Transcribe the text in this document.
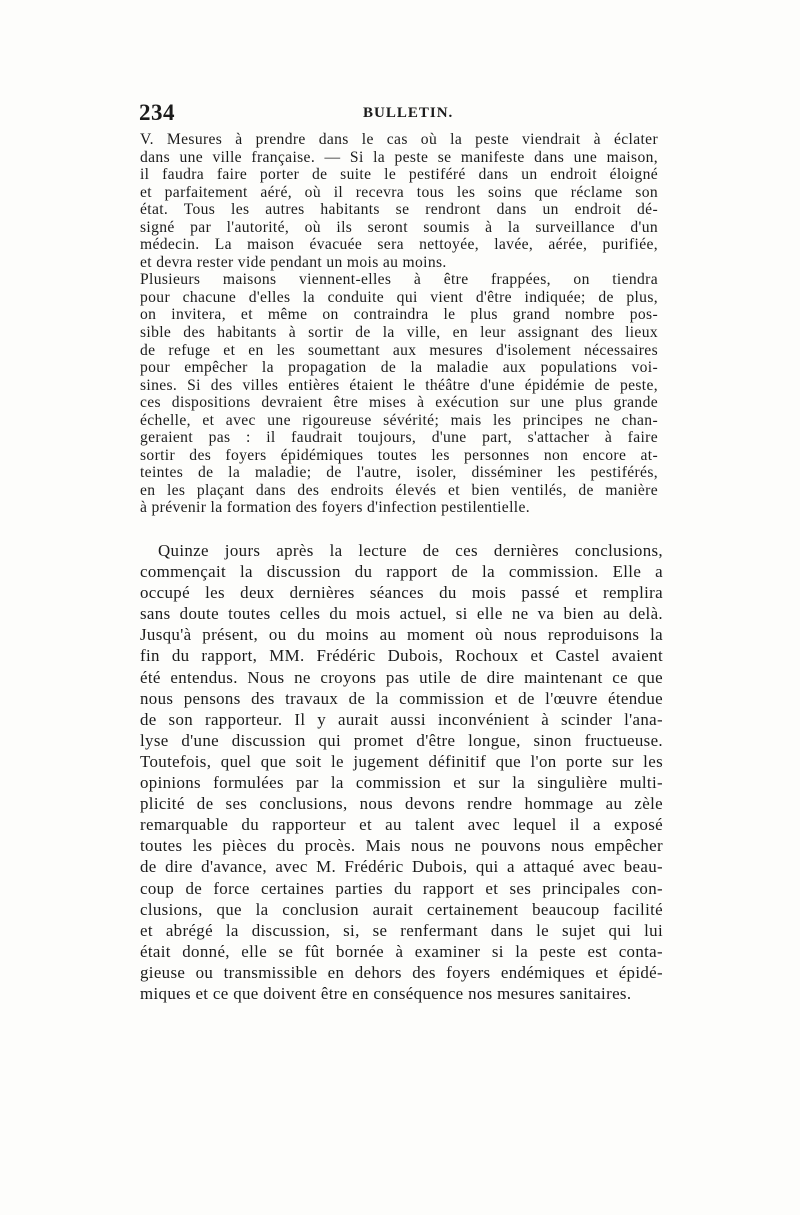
234	BULLETIN.
V. Mesures à prendre dans le cas où la peste viendrait à éclater
dans une ville française. — Si la peste se manifeste dans une maison,
il faudra faire porter de suite le pestiféré dans un endroit éloigné
et parfaitement aéré, où il recevra tous les soins que réclame son
état. Tous les autres habitants se rendront dans un endroit dé-
signé par l'autorité, où ils seront soumis à la surveillance d'un
médecin. La maison évacuée sera nettoyée, lavée, aérée, purifiée,
et devra rester vide pendant un mois au moins.
Plusieurs maisons viennent-elles à être frappées, on tiendra
pour chacune d'elles la conduite qui vient d'être indiquée; de plus,
on invitera, et même on contraindra le plus grand nombre pos-
sible des habitants à sortir de la ville, en leur assignant des lieux
de refuge et en les soumettant aux mesures d'isolement nécessaires
pour empêcher la propagation de la maladie aux populations voi-
sines. Si des villes entières étaient le théâtre d'une épidémie de peste,
ces dispositions devraient être mises à exécution sur une plus grande
échelle, et avec une rigoureuse sévérité; mais les principes ne chan-
geraient pas : il faudrait toujours, d'une part, s'attacher à faire
sortir des foyers épidémiques toutes les personnes non encore at-
teintes de la maladie; de l'autre, isoler, disséminer les pestiférés,
en les plaçant dans des endroits élevés et bien ventilés, de manière
à prévenir la formation des foyers d'infection pestilentielle.
Quinze jours après la lecture de ces dernières conclusions,
commençait la discussion du rapport de la commission. Elle a
occupé les deux dernières séances du mois passé et remplira
sans doute toutes celles du mois actuel, si elle ne va bien au delà.
Jusqu'à présent, ou du moins au moment où nous reproduisons la
fin du rapport, MM. Frédéric Dubois, Rochoux et Castel avaient
été entendus. Nous ne croyons pas utile de dire maintenant ce que
nous pensons des travaux de la commission et de l'œuvre étendue
de son rapporteur. Il y aurait aussi inconvénient à scinder l'ana-
lyse d'une discussion qui promet d'être longue, sinon fructueuse.
Toutefois, quel que soit le jugement définitif que l'on porte sur les
opinions formulées par la commission et sur la singulière multi-
plicité de ses conclusions, nous devons rendre hommage au zèle
remarquable du rapporteur et au talent avec lequel il a exposé
toutes les pièces du procès. Mais nous ne pouvons nous empêcher
de dire d'avance, avec M. Frédéric Dubois, qui a attaqué avec beau-
coup de force certaines parties du rapport et ses principales con-
clusions, que la conclusion aurait certainement beaucoup facilité
et abrégé la discussion, si, se renfermant dans le sujet qui lui
était donné, elle se fût bornée à examiner si la peste est conta-
gieuse ou transmissible en dehors des foyers endémiques et épidé-
miques et ce que doivent être en conséquence nos mesures sanitaires.
